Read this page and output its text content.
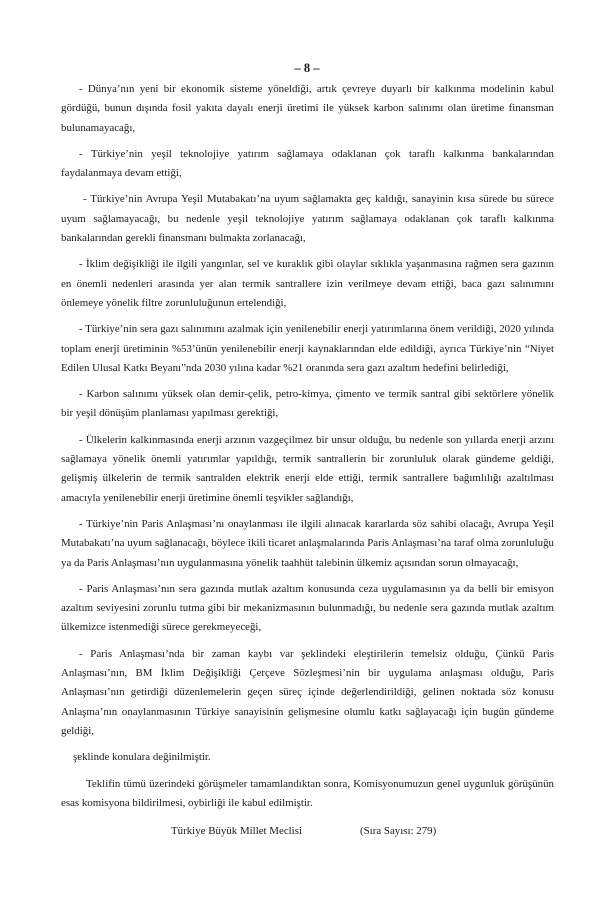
– 8 –

- Dünya’nın yeni bir ekonomik sisteme yöneldiği, artık çevreye duyarlı bir kalkınma modelinin kabul gördüğü, bunun dışında fosil yakıta dayalı enerji üretimi ile yüksek karbon salınımı olan üretime finansman bulunamayacağı,

- Türkiye’nin yeşil teknolojiye yatırım sağlamaya odaklanan çok taraflı kalkınma bankalarından faydalanmaya devam ettiği,

- Türkiye’nin Avrupa Yeşil Mutabakatı’na uyum sağlamakta geç kaldığı, sanayinin kısa sürede bu sürece uyum sağlamayacağı, bu nedenle yeşil teknolojiye yatırım sağlamaya odaklanan çok taraflı kalkınma bankalarından gerekli finansmanı bulmakta zorlanacağı,

- İklim değişikliği ile ilgili yangınlar, sel ve kuraklık gibi olaylar sıklıkla yaşanmasına rağmen sera gazının en önemli nedenleri arasında yer alan termik santrallere izin verilmeye devam ettiği, baca gazı salınımını önlemeye yönelik filtre zorunluluğunun ertelendiği,

- Türkiye’nin sera gazı salınımını azalmak için yenilenebilir enerji yatırımlarına önem verildiği, 2020 yılında toplam enerji üretiminin %53’ünün yenilenebilir enerji kaynaklarından elde edildiği, ayrıca Türkiye’nin “Niyet Edilen Ulusal Katkı Beyanı”nda 2030 yılına kadar %21 oranında sera gazı azaltım hedefini belirlediği,

- Karbon salınımı yüksek olan demir-çelik, petro-kimya, çimento ve termik santral gibi sektörlere yönelik bir yeşil dönüşüm planlaması yapılması gerektiği,

- Ülkelerin kalkınmasında enerji arzının vazgeçilmez bir unsur olduğu, bu nedenle son yıllarda enerji arzını sağlamaya yönelik önemli yatırımlar yapıldığı, termik santrallerin bir zorunluluk olarak gündeme geldiği, gelişmiş ülkelerin de termik santralden elektrik enerji elde ettiği, termik santrallere bağımlılığı azaltılması amacıyla yenilenebilir enerji üretimine önemli teşvikler sağlandığı,

- Türkiye’nin Paris Anlaşması’nı onaylanması ile ilgili alınacak kararlarda söz sahibi olacağı, Avrupa Yeşil Mutabakatı’na uyum sağlanacağı, böylece ikili ticaret anlaşmalarında Paris Anlaşması’na taraf olma zorunluluğu ya da Paris Anlaşması’nın uygulanmasına yönelik taahhüt talebinin ülkemiz açısından sorun olmayacağı,

- Paris Anlaşması’nın sera gazında mutlak azaltım konusunda ceza uygulamasının ya da belli bir emisyon azaltım seviyesini zorunlu tutma gibi bir mekanizmasının bulunmadığı, bu nedenle sera gazında mutlak azaltım ülkemizce istenmediği sürece gerekmeyeceği,

- Paris Anlaşması’nda bir zaman kaybı var şeklindeki eleştirilerin temelsiz olduğu, Çünkü Paris Anlaşması’nın, BM İklim Değişikliği Çerçeve Sözleşmesi’nin bir uygulama anlaşması olduğu, Paris Anlaşması’nın getirdiği düzenlemelerin geçen süreç içinde değerlendirildiği, gelinen noktada söz konusu Anlaşma’nın onaylanmasının Türkiye sanayisinin gelişmesine olumlu katkı sağlayacağı için bugün gündeme geldiği,

şeklinde konulara değinilmiştir.

Teklifin tümü üzerindeki görüşmeler tamamlandıktan sonra, Komisyonumuzun genel uygunluk görüşünün esas komisyona bildirilmesi, oybirliği ile kabul edilmiştir.

Türkiye Büyük Millet Meclisi	(Sıra Sayısı: 279)
